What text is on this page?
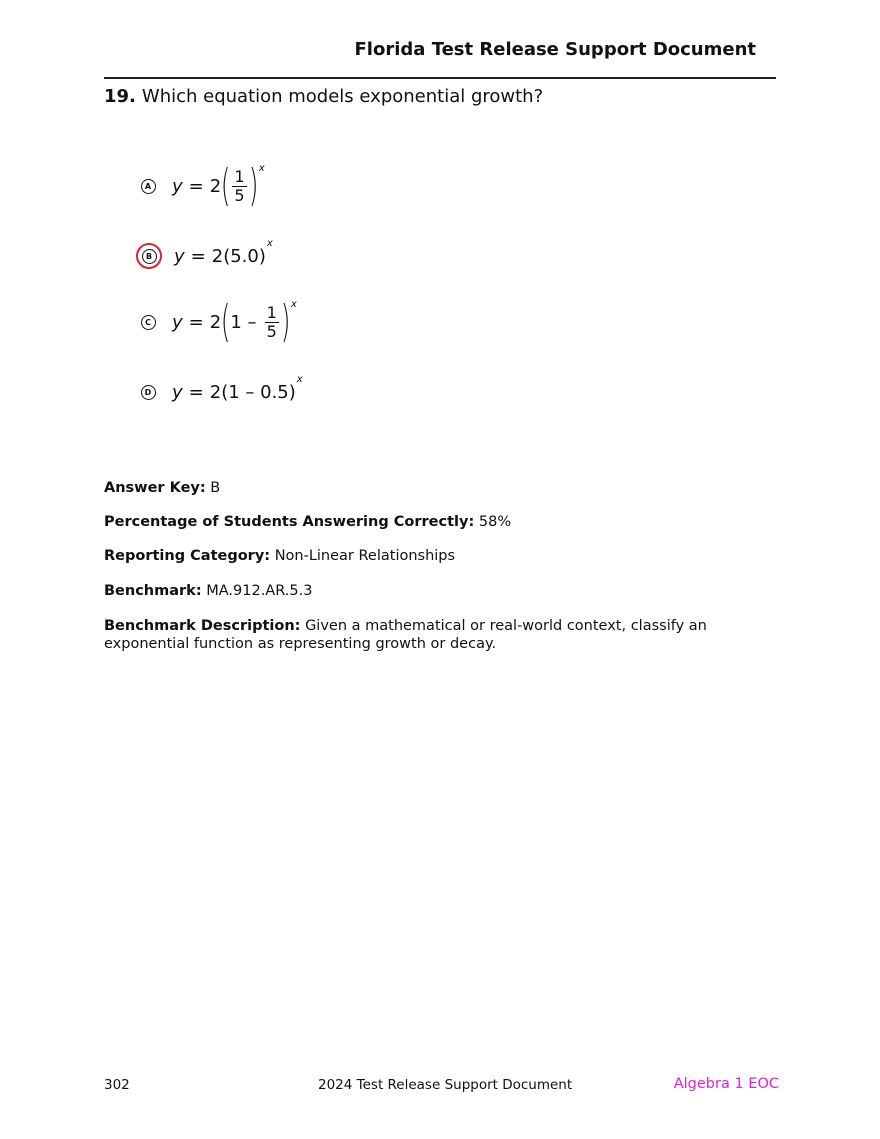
Florida Test Release Support Document
19. Which equation models exponential growth?
A y = 2 ( $\frac{1}{5}$ ) x
B y = 2(5.0)
x
C y = 2 ( $1 - \frac{1}{5}$ ) x
D y = 2(1 – 0.5)
x
Answer Key: B
Percentage of Students Answering Correctly: 58%
Reporting Category: Non-Linear Relationships
Benchmark: MA.912.AR.5.3
Benchmark Description: Given a mathematical or real-world context, classify an exponential function as representing growth or decay.
302	2024 Test Release Support Document	Algebra 1 EOC
